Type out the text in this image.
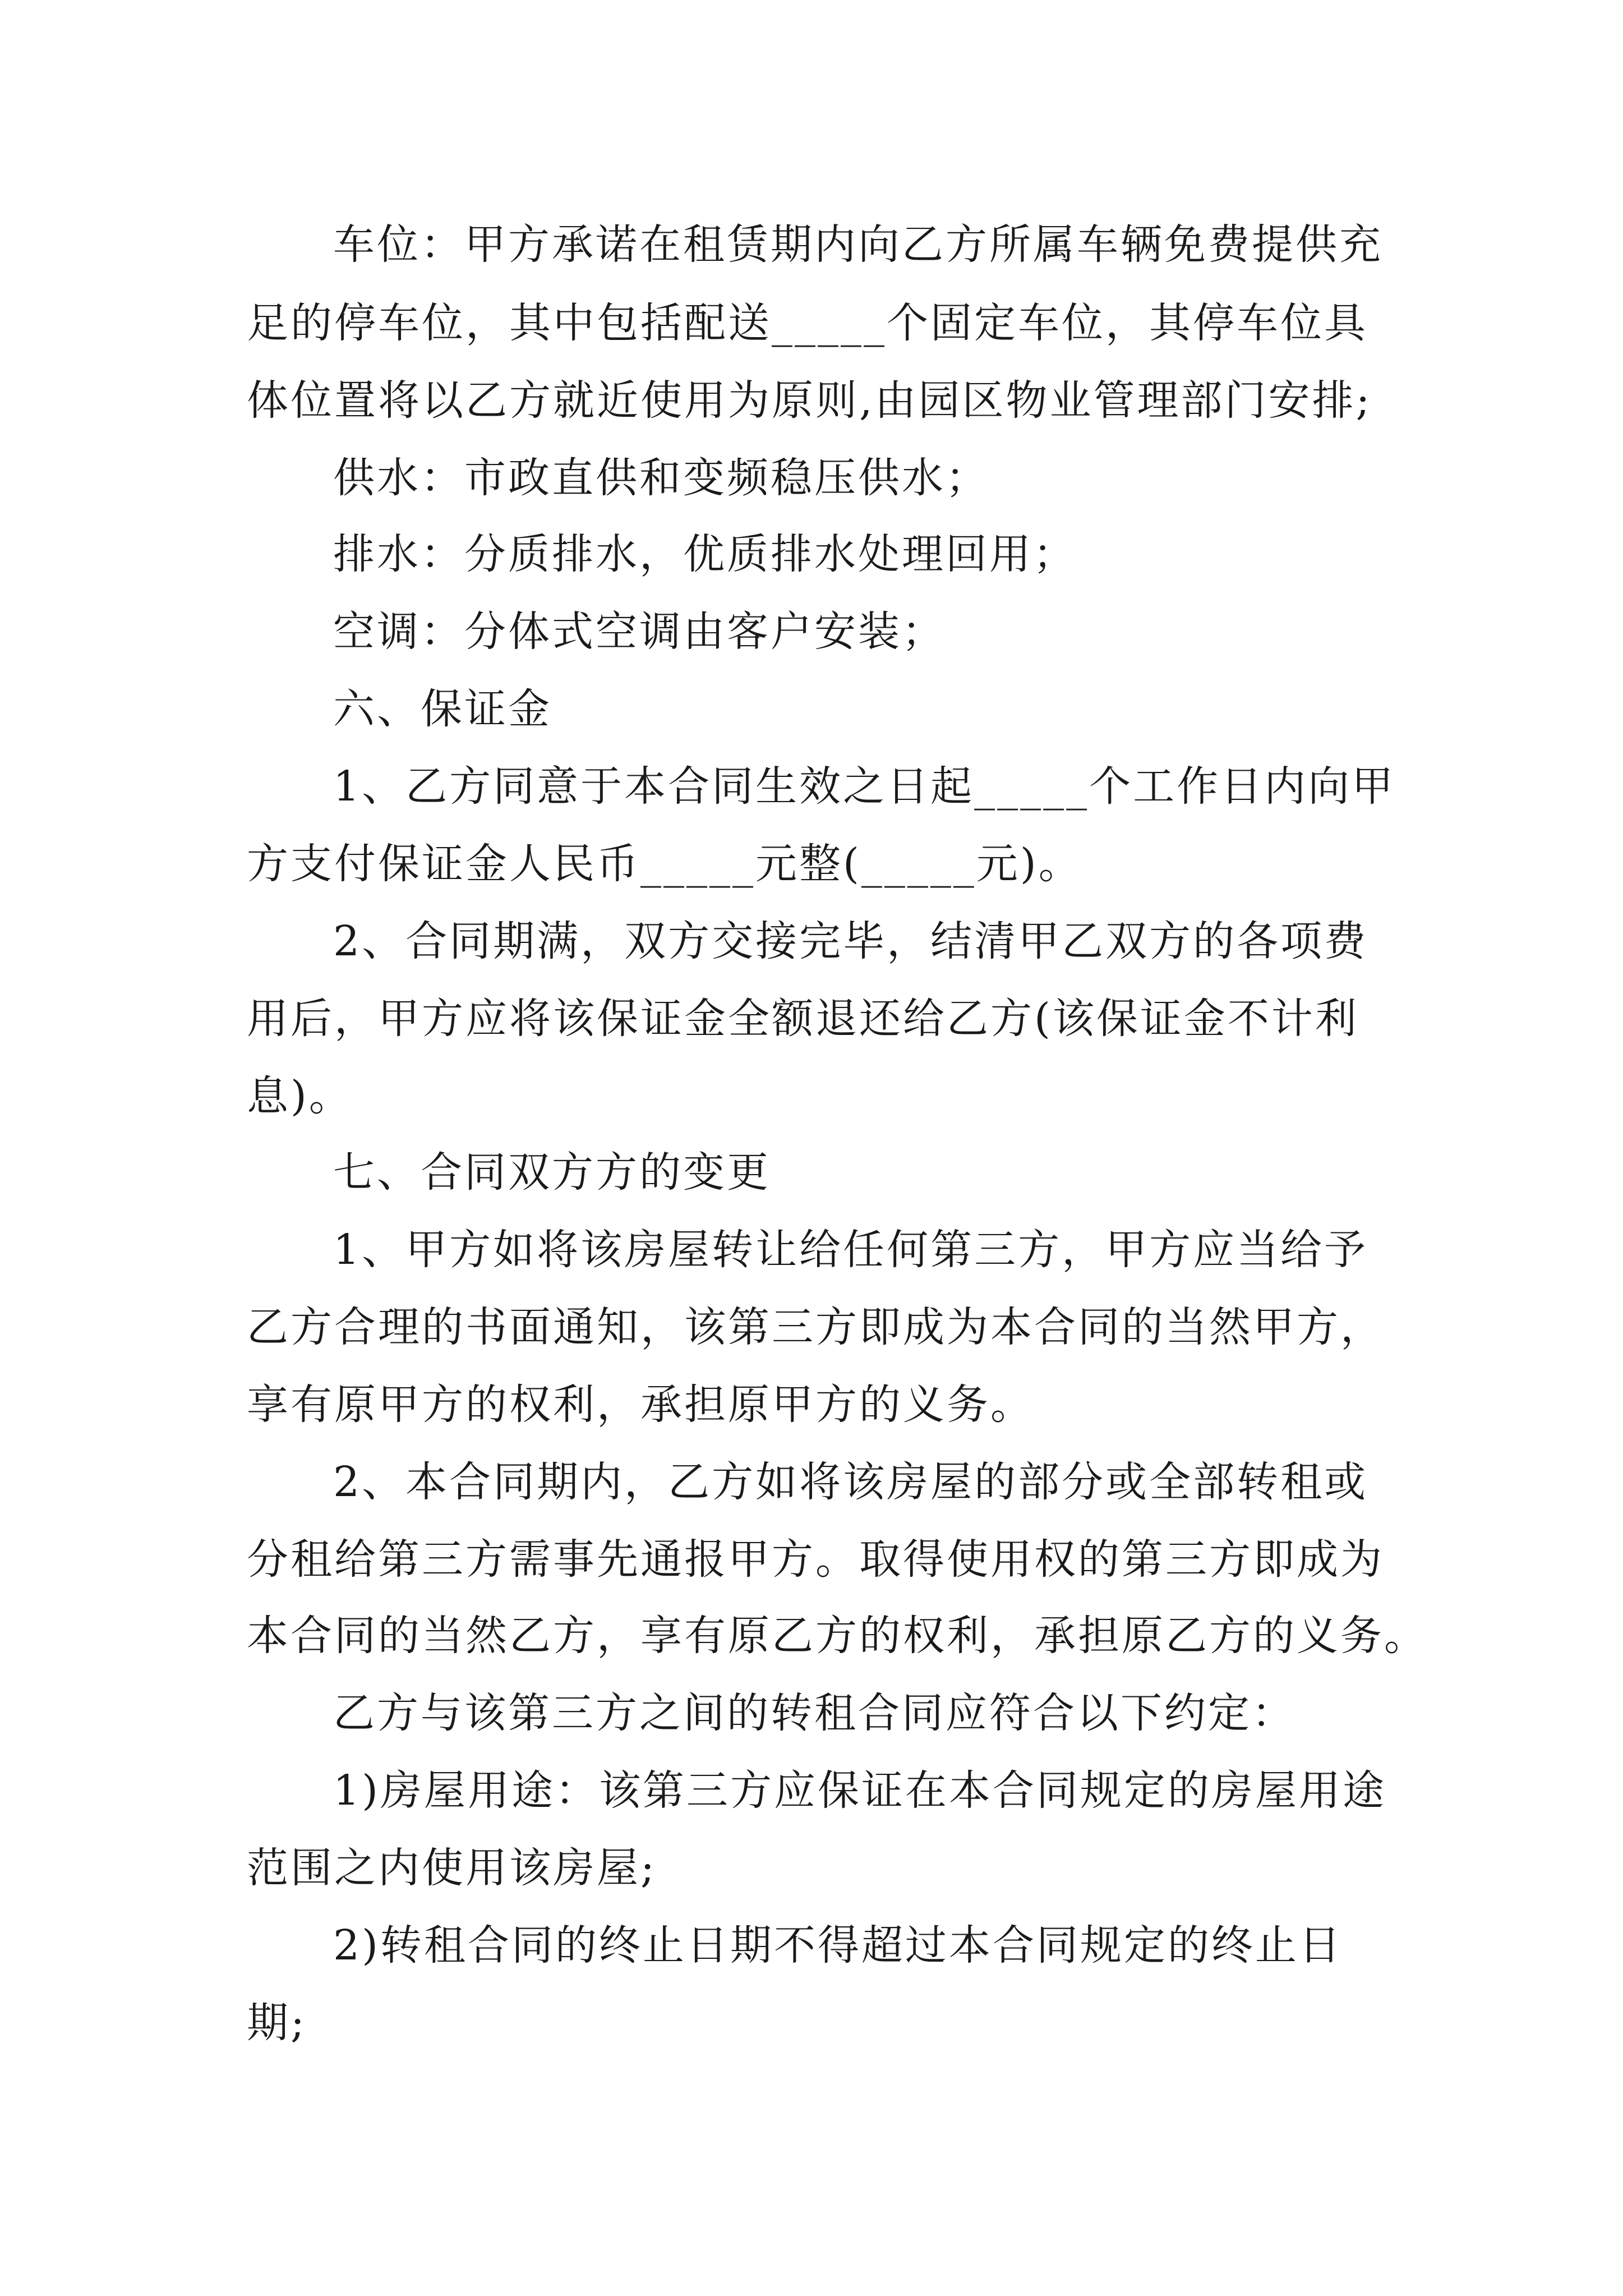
车位：甲方承诺在租赁期内向乙方所属车辆免费提供充
足的停车位，其中包括配送_____个固定车位，其停车位具
体位置将以乙方就近使用为原则,由园区物业管理部门安排;
供水：市政直供和变频稳压供水；
排水：分质排水，优质排水处理回用；
空调：分体式空调由客户安装；
六、保证金
1、乙方同意于本合同生效之日起_____个工作日内向甲
方支付保证金人民币_____元整(_____元)。
2、合同期满，双方交接完毕，结清甲乙双方的各项费
用后，甲方应将该保证金全额退还给乙方(该保证金不计利
息)。
七、合同双方方的变更
1、甲方如将该房屋转让给任何第三方，甲方应当给予
乙方合理的书面通知，该第三方即成为本合同的当然甲方，
享有原甲方的权利，承担原甲方的义务。
2、本合同期内，乙方如将该房屋的部分或全部转租或
分租给第三方需事先通报甲方。取得使用权的第三方即成为
本合同的当然乙方，享有原乙方的权利，承担原乙方的义务。
乙方与该第三方之间的转租合同应符合以下约定：
1)房屋用途：该第三方应保证在本合同规定的房屋用途
范围之内使用该房屋;
2)转租合同的终止日期不得超过本合同规定的终止日
期;
